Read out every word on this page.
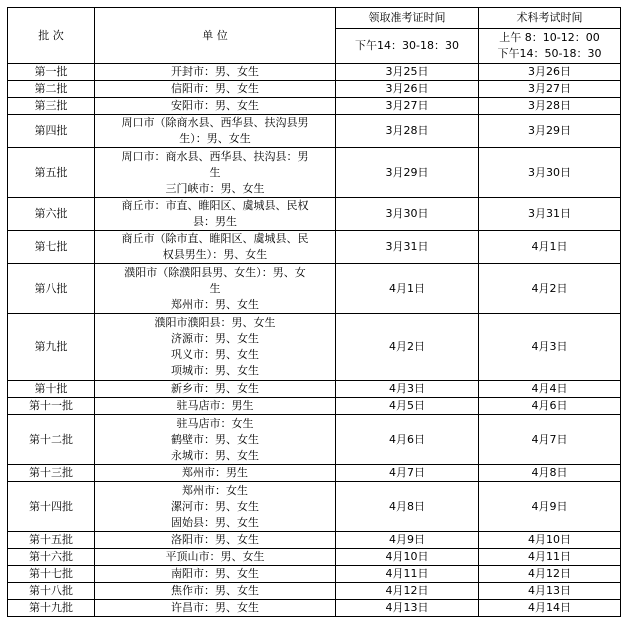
批 次	单 位	领取准考证时间	术科考试时间
		下午14：30-18：30	上午 8：10-12：00
下午14：50-18：30

第一批	开封市：男、女生	3月25日	3月26日
第二批	信阳市：男、女生	3月26日	3月27日
第三批	安阳市：男、女生	3月27日	3月28日
第四批	周口市（除商水县、西华县、扶沟县男
生）：男、女生	3月28日	3月29日
第五批	周口市：商水县、西华县、扶沟县：男
生
三门峡市：男、女生	3月29日	3月30日
第六批	商丘市：市直、睢阳区、虞城县、民权
县：男生	3月30日	3月31日
第七批	商丘市（除市直、睢阳区、虞城县、民
权县男生）：男、女生	3月31日	4月1日
第八批	濮阳市（除濮阳县男、女生）：男、女
生
郑州市：男、女生	4月1日	4月2日
第九批	濮阳市濮阳县：男、女生
济源市：男、女生
巩义市：男、女生
项城市：男、女生	4月2日	4月3日
第十批	新乡市：男、女生	4月3日	4月4日
第十一批	驻马店市：男生	4月5日	4月6日
第十二批	驻马店市：女生
鹤壁市：男、女生
永城市：男、女生	4月6日	4月7日
第十三批	郑州市：男生	4月7日	4月8日
第十四批	郑州市：女生
漯河市：男、女生
固始县：男、女生	4月8日	4月9日
第十五批	洛阳市：男、女生	4月9日	4月10日
第十六批	平顶山市：男、女生	4月10日	4月11日
第十七批	南阳市：男、女生	4月11日	4月12日
第十八批	焦作市：男、女生	4月12日	4月13日
第十九批	许昌市：男、女生	4月13日	4月14日
